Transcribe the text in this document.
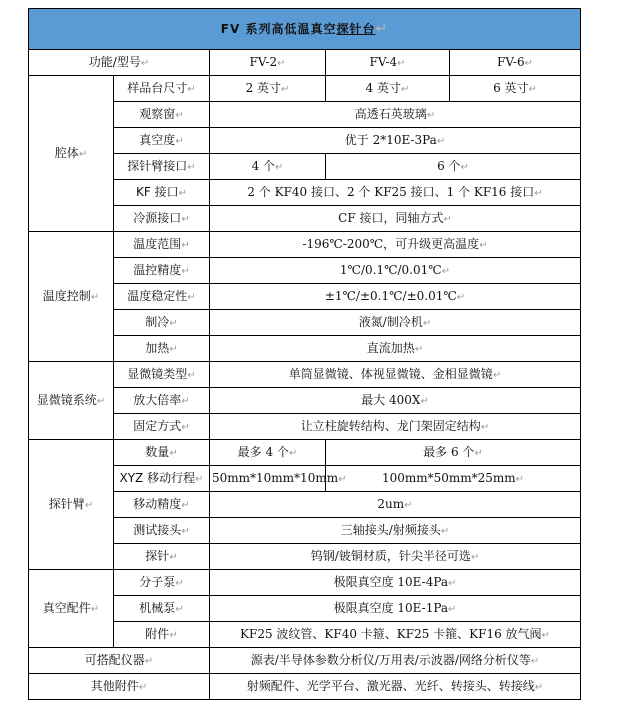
FV 系列高低温真空探针台↵				
功能/型号↵		FV-2↵	FV-4↵	FV-6↵
腔体↵	样品台尺寸↵	2 英寸↵	4 英寸↵	6 英寸↵
	观察窗↵	高透石英玻璃↵		
	真空度↵	优于 2*10E-3Pa↵		
	探针臂接口↵	4 个↵	6 个↵	
	KF 接口↵	2 个 KF40 接口、2 个 KF25 接口、1 个 KF16 接口↵		
	冷源接口↵	CF 接口，同轴方式↵		
温度控制↵	温度范围↵	-196℃-200℃，可升级更高温度↵		
	温控精度↵	1℃/0.1℃/0.01℃↵		
	温度稳定性↵	±1℃/±0.1℃/±0.01℃↵		
	制冷↵	液氮/制冷机↵		
	加热↵	直流加热↵		
显微镜系统↵	显微镜类型↵	单筒显微镜、体视显微镜、金相显微镜↵		
	放大倍率↵	最大 400X↵		
	固定方式↵	让立柱旋转结构、龙门架固定结构↵		
探针臂↵	数量↵	最多 4 个↵	最多 6 个↵	
	XYZ 移动行程↵	50mm*10mm*10mm↵	100mm*50mm*25mm↵	
	移动精度↵	2um↵		
	测试接头↵	三轴接头/射频接头↵		
	探针↵	钨钢/铍铜材质，针尖半径可选↵		
真空配件↵	分子泵↵	极限真空度 10E-4Pa↵		
	机械泵↵	极限真空度 10E-1Pa↵		
	附件↵	KF25 波纹管、KF40 卡箍、KF25 卡箍、KF16 放气阀↵		
可搭配仪器↵		源表/半导体参数分析仪/万用表/示波器/网络分析仪等↵		
其他附件↵		射频配件、光学平台、激光器、光纤、转接头、转接线↵		
